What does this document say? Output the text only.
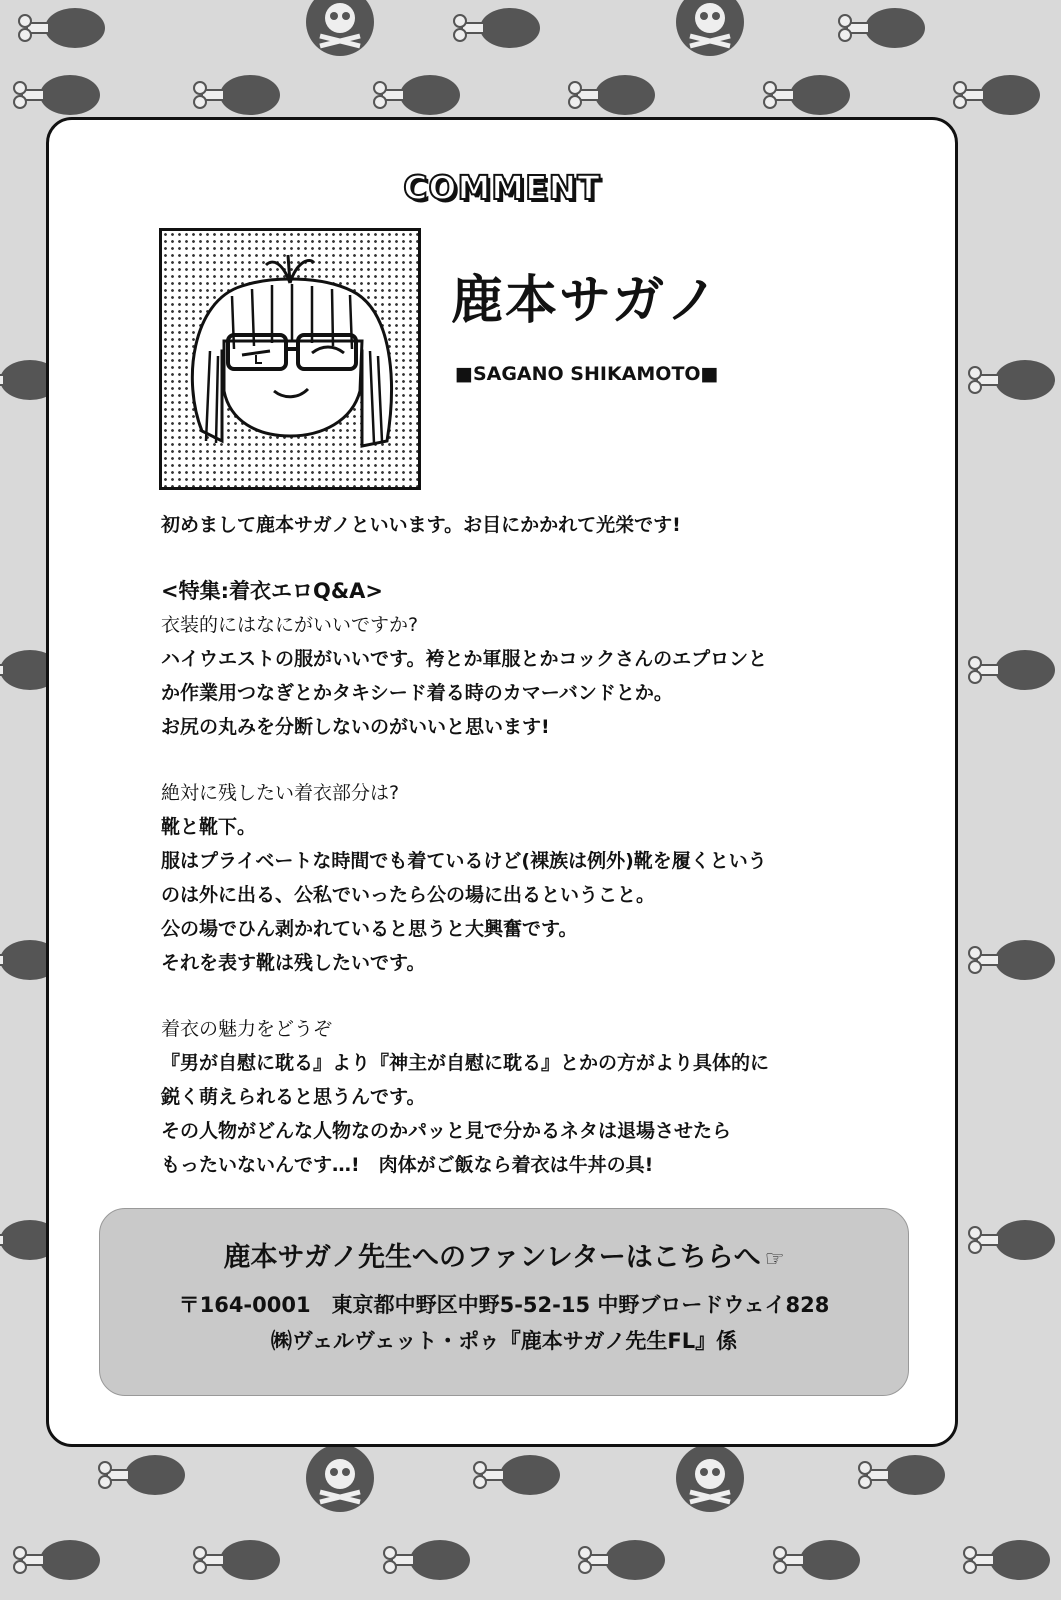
COMMENT
鹿本サガノ
■SAGANO SHIKAMOTO■

初めまして鹿本サガノといいます。お目にかかれて光栄です!

<特集:着衣エロQ&A>

衣装的にはなにがいいですか?

ハイウエストの服がいいです。袴とか軍服とかコックさんのエプロンと

か作業用つなぎとかタキシード着る時のカマーバンドとか。

お尻の丸みを分断しないのがいいと思います!

絶対に残したい着衣部分は?

靴と靴下。

服はプライベートな時間でも着ているけど(裸族は例外)靴を履くという

のは外に出る、公私でいったら公の場に出るということ。

公の場でひん剥かれていると思うと大興奮です。

それを表す靴は残したいです。

着衣の魅力をどうぞ

『男が自慰に耽る』より『神主が自慰に耽る』とかの方がより具体的に

鋭く萌えられると思うんです。

その人物がどんな人物なのかパッと見で分かるネタは退場させたら

もったいないんです…!　肉体がご飯なら着衣は牛丼の具!

鹿本サガノ先生へのファンレターはこちらへ ☞
〒164-0001　東京都中野区中野5-52-15 中野ブロードウェイ828
㈱ヴェルヴェット・ポゥ『鹿本サガノ先生FL』係
